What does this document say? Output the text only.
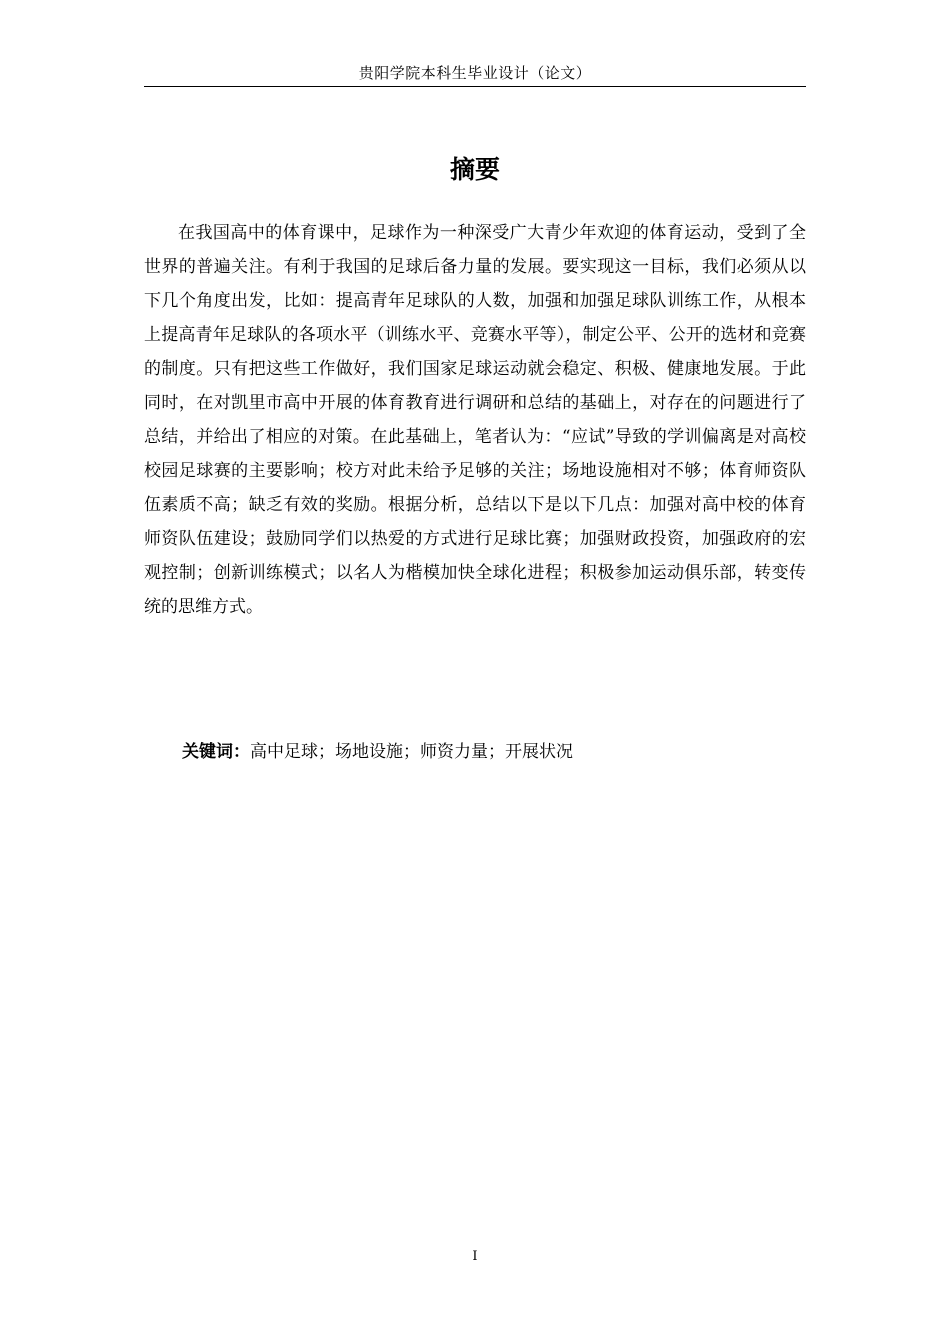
贵阳学院本科生毕业设计（论文）
摘要

在我国高中的体育课中，足球作为一种深受广大青少年欢迎的体育运动，受到了全世界的普遍关注。有利于我国的足球后备力量的发展。要实现这一目标，我们必须从以下几个角度出发，比如：提高青年足球队的人数，加强和加强足球队训练工作，从根本上提高青年足球队的各项水平（训练水平、竞赛水平等），制定公平、公开的选材和竞赛的制度。只有把这些工作做好，我们国家足球运动就会稳定、积极、健康地发展。于此同时，在对凯里市高中开展的体育教育进行调研和总结的基础上，对存在的问题进行了总结，并给出了相应的对策。在此基础上，笔者认为：“应试”导致的学训偏离是对高校校园足球赛的主要影响；校方对此未给予足够的关注；场地设施相对不够；体育师资队伍素质不高；缺乏有效的奖励。根据分析，总结以下是以下几点：加强对高中校的体育师资队伍建设；鼓励同学们以热爱的方式进行足球比赛；加强财政投资，加强政府的宏观控制；创新训练模式；以名人为楷模加快全球化进程；积极参加运动俱乐部，转变传统的思维方式。

关键词：高中足球；场地设施；师资力量；开展状况
I
